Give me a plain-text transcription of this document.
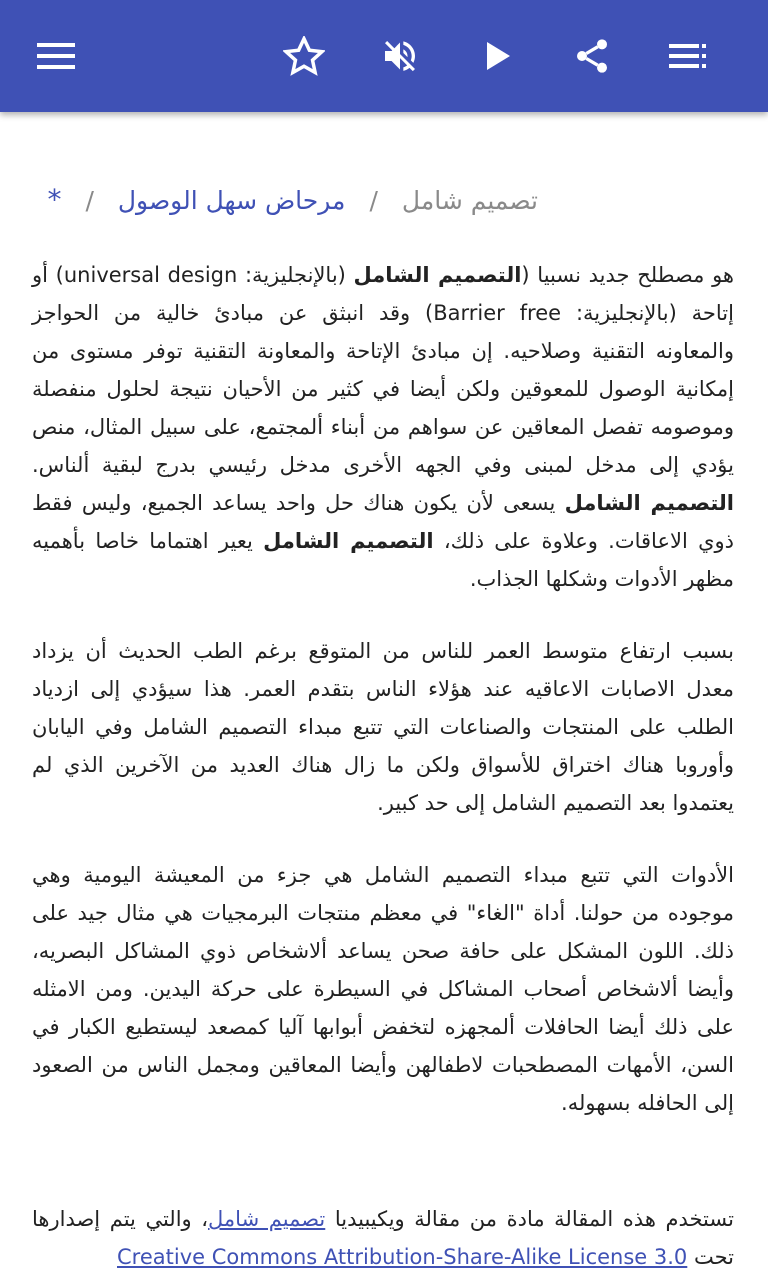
تصميم شامل/مرحاض سهل الوصول/*

هو مصطلح جديد نسبيا (التصميم الشامل (بالإنجليزية: universal design) أو إتاحة (بالإنجليزية: Barrier free) وقد انبثق عن مبادئ خالية من الحواجز والمعاونه التقنية وصلاحيه. إن مبادئ الإتاحة والمعاونة التقنية توفر مستوى من إمكانية الوصول للمعوقين ولكن أيضا في كثير من الأحيان نتيجة لحلول منفصلة وموصومه تفصل المعاقين عن سواهم من أبناء ألمجتمع، على سبيل المثال، منص يؤدي إلى مدخل لمبنى وفي الجهه الأخرى مدخل رئيسي بدرج لبقية ألناس. التصميم الشامل يسعى لأن يكون هناك حل واحد يساعد الجميع، وليس فقط ذوي الاعاقات. وعلاوة على ذلك، التصميم الشامل يعير اهتماما خاصا بأهميه مظهر الأدوات وشكلها الجذاب.

بسبب ارتفاع متوسط العمر للناس من المتوقع برغم الطب الحديث أن يزداد معدل الاصابات الاعاقيه عند هؤلاء الناس بتقدم العمر. هذا سيؤدي إلى ازدياد الطلب على المنتجات والصناعات التي تتبع مبداء التصميم الشامل وفي اليابان وأوروبا هناك اختراق للأسواق ولكن ما زال هناك العديد من الآخرين الذي لم يعتمدوا بعد التصميم الشامل إلى حد كبير.

الأدوات التي تتبع مبداء التصميم الشامل هي جزء من المعيشة اليومية وهي موجوده من حولنا. أداة "الغاء" في معظم منتجات البرمجيات هي مثال جيد على ذلك. اللون المشكل على حافة صحن يساعد ألاشخاص ذوي المشاكل البصريه، وأيضا ألاشخاص أصحاب المشاكل في السيطرة على حركة اليدين. ومن الامثله على ذلك أيضا الحافلات ألمجهزه لتخفض أبوابها آليا كمصعد ليستطيع الكبار في السن، الأمهات المصطحبات لاطفالهن وأيضا المعاقين ومجمل الناس من الصعود إلى الحافله بسهوله.

تستخدم هذه المقالة مادة من مقالة ويكيبيديا تصميم شامل، والتي يتم إصدارها تحت Creative Commons Attribution-Share-Alike License 3.0
